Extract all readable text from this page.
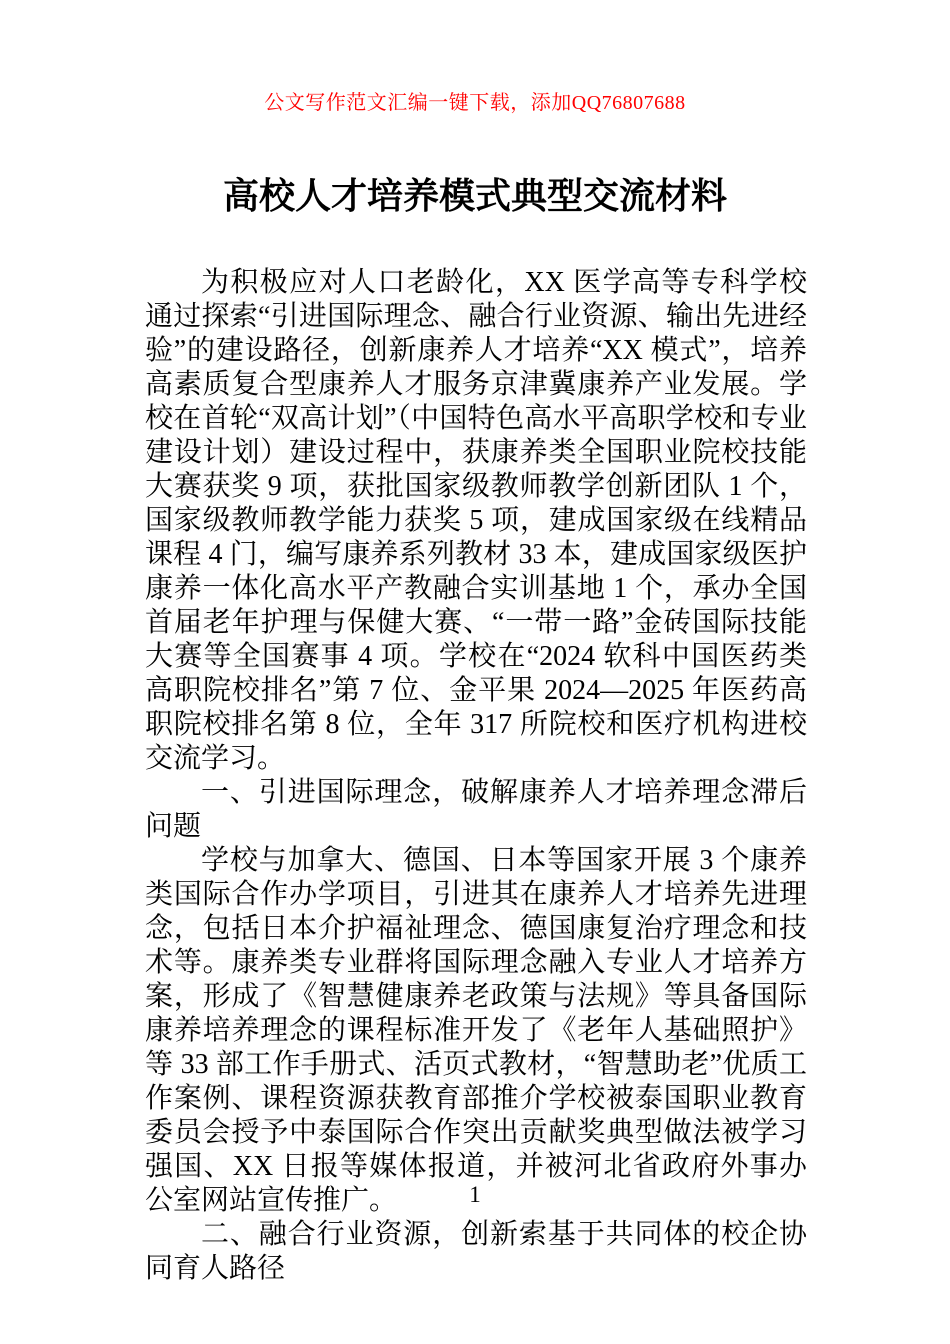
公文写作范文汇编一键下载，添加QQ76807688
高校人才培养模式典型交流材料

为积极应对人口老龄化，XX 医学高等专科学校通过探索“引进国际理念、融合行业资源、输出先进经验”的建设路径，创新康养人才培养“XX 模式”，培养高素质复合型康养人才服务京津冀康养产业发展。学校在首轮“双高计划”（中国特色高水平高职学校和专业建设计划）建设过程中，获康养类全国职业院校技能大赛获奖 9 项，获批国家级教师教学创新团队 1 个，国家级教师教学能力获奖 5 项，建成国家级在线精品课程 4 门，编写康养系列教材 33 本，建成国家级医护康养一体化高水平产教融合实训基地 1 个，承办全国首届老年护理与保健大赛、“一带一路”金砖国际技能大赛等全国赛事 4 项。学校在“2024 软科中国医药类高职院校排名”第 7 位、金平果 2024—2025 年医药高职院校排名第 8 位，全年 317 所院校和医疗机构进校交流学习。

一、引进国际理念，破解康养人才培养理念滞后问题

学校与加拿大、德国、日本等国家开展 3 个康养类国际合作办学项目，引进其在康养人才培养先进理念，包括日本介护福祉理念、德国康复治疗理念和技术等。康养类专业群将国际理念融入专业人才培养方案，形成了《智慧健康养老政策与法规》等具备国际康养培养理念的课程标准开发了《老年人基础照护》等 33 部工作手册式、活页式教材，“智慧助老”优质工作案例、课程资源获教育部推介学校被泰国职业教育委员会授予中泰国际合作突出贡献奖典型做法被学习强国、XX 日报等媒体报道，并被河北省政府外事办公室网站宣传推广。

二、融合行业资源，创新索基于共同体的校企协同育人路径

1
